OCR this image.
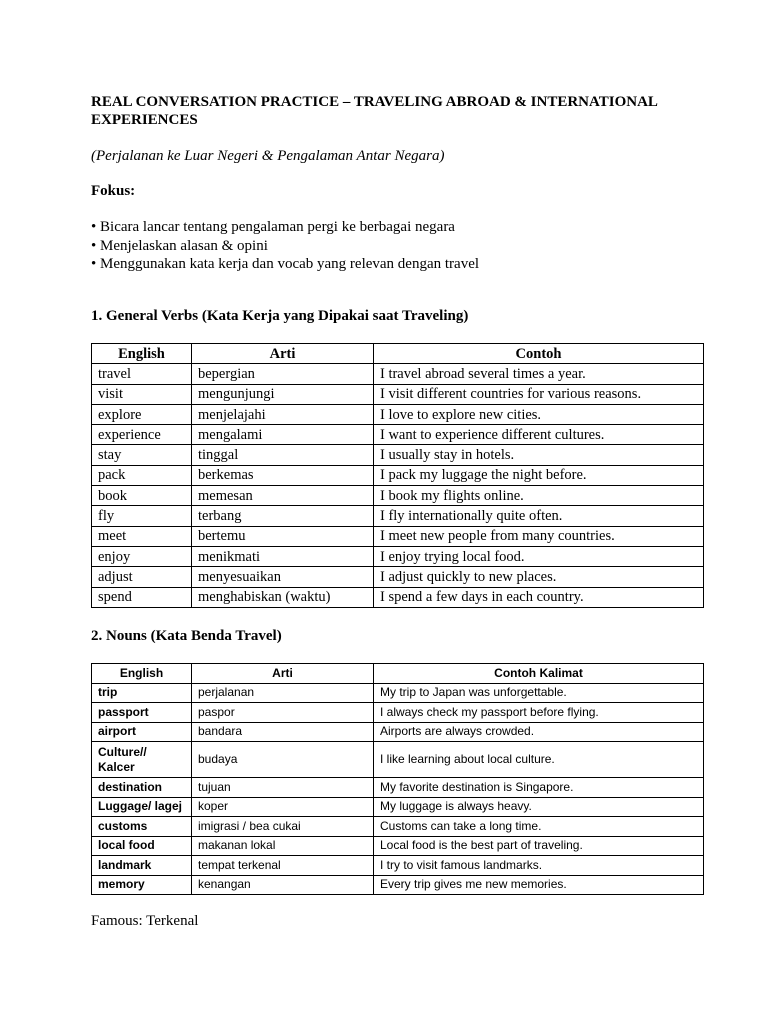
REAL CONVERSATION PRACTICE – TRAVELING ABROAD & INTERNATIONAL EXPERIENCES
(Perjalanan ke Luar Negeri & Pengalaman Antar Negara)
Fokus:
• Bicara lancar tentang pengalaman pergi ke berbagai negara
• Menjelaskan alasan & opini
• Menggunakan kata kerja dan vocab yang relevan dengan travel
1. General Verbs (Kata Kerja yang Dipakai saat Traveling)
English	Arti	Contoh
travel	bepergian	I travel abroad several times a year.
visit	mengunjungi	I visit different countries for various reasons.
explore	menjelajahi	I love to explore new cities.
experience	mengalami	I want to experience different cultures.
stay	tinggal	I usually stay in hotels.
pack	berkemas	I pack my luggage the night before.
book	memesan	I book my flights online.
fly	terbang	I fly internationally quite often.
meet	bertemu	I meet new people from many countries.
enjoy	menikmati	I enjoy trying local food.
adjust	menyesuaikan	I adjust quickly to new places.
spend	menghabiskan (waktu)	I spend a few days in each country.
2. Nouns (Kata Benda Travel)
English	Arti	Contoh Kalimat
trip	perjalanan	My trip to Japan was unforgettable.
passport	paspor	I always check my passport before flying.
airport	bandara	Airports are always crowded.
Culture// Kalcer	budaya	I like learning about local culture.
destination	tujuan	My favorite destination is Singapore.
Luggage/ lagej	koper	My luggage is always heavy.
customs	imigrasi / bea cukai	Customs can take a long time.
local food	makanan lokal	Local food is the best part of traveling.
landmark	tempat terkenal	I try to visit famous landmarks.
memory	kenangan	Every trip gives me new memories.
Famous: Terkenal
